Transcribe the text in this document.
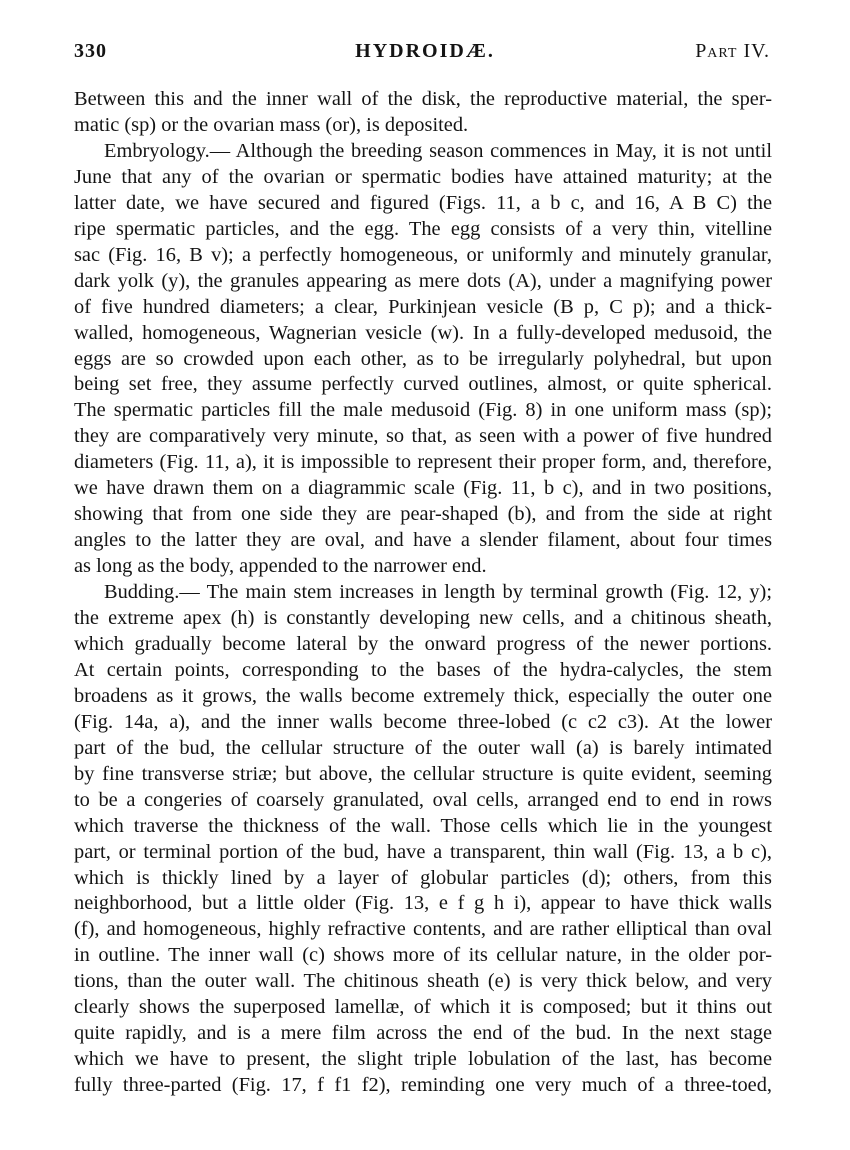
HYDROIDÆ.
330	Part IV.
Between this and the inner wall of the disk, the reproductive material, the sper-
matic (sp) or the ovarian mass (or), is deposited.
Embryology.— Although the breeding season commences in May, it is not until
June that any of the ovarian or spermatic bodies have attained maturity; at the
latter date, we have secured and figured (Figs. 11, a b c, and 16, A B C) the
ripe spermatic particles, and the egg. The egg consists of a very thin, vitelline
sac (Fig. 16, B v); a perfectly homogeneous, or uniformly and minutely granular,
dark yolk (y), the granules appearing as mere dots (A), under a magnifying power
of five hundred diameters; a clear, Purkinjean vesicle (B p, C p); and a thick-
walled, homogeneous, Wagnerian vesicle (w). In a fully-developed medusoid, the
eggs are so crowded upon each other, as to be irregularly polyhedral, but upon
being set free, they assume perfectly curved outlines, almost, or quite spherical.
The spermatic particles fill the male medusoid (Fig. 8) in one uniform mass (sp);
they are comparatively very minute, so that, as seen with a power of five hundred
diameters (Fig. 11, a), it is impossible to represent their proper form, and, therefore,
we have drawn them on a diagrammic scale (Fig. 11, b c), and in two positions,
showing that from one side they are pear-shaped (b), and from the side at right
angles to the latter they are oval, and have a slender filament, about four times
as long as the body, appended to the narrower end.
Budding.— The main stem increases in length by terminal growth (Fig. 12, y);
the extreme apex (h) is constantly developing new cells, and a chitinous sheath,
which gradually become lateral by the onward progress of the newer portions.
At certain points, corresponding to the bases of the hydra-calycles, the stem
broadens as it grows, the walls become extremely thick, especially the outer one
(Fig. 14a, a), and the inner walls become three-lobed (c c2 c3). At the lower
part of the bud, the cellular structure of the outer wall (a) is barely intimated
by fine transverse striæ; but above, the cellular structure is quite evident, seeming
to be a congeries of coarsely granulated, oval cells, arranged end to end in rows
which traverse the thickness of the wall. Those cells which lie in the youngest
part, or terminal portion of the bud, have a transparent, thin wall (Fig. 13, a b c),
which is thickly lined by a layer of globular particles (d); others, from this
neighborhood, but a little older (Fig. 13, e f g h i), appear to have thick walls
(f), and homogeneous, highly refractive contents, and are rather elliptical than oval
in outline. The inner wall (c) shows more of its cellular nature, in the older por-
tions, than the outer wall. The chitinous sheath (e) is very thick below, and very
clearly shows the superposed lamellæ, of which it is composed; but it thins out
quite rapidly, and is a mere film across the end of the bud. In the next stage
which we have to present, the slight triple lobulation of the last, has become
fully three-parted (Fig. 17, f f1 f2), reminding one very much of a three-toed,
